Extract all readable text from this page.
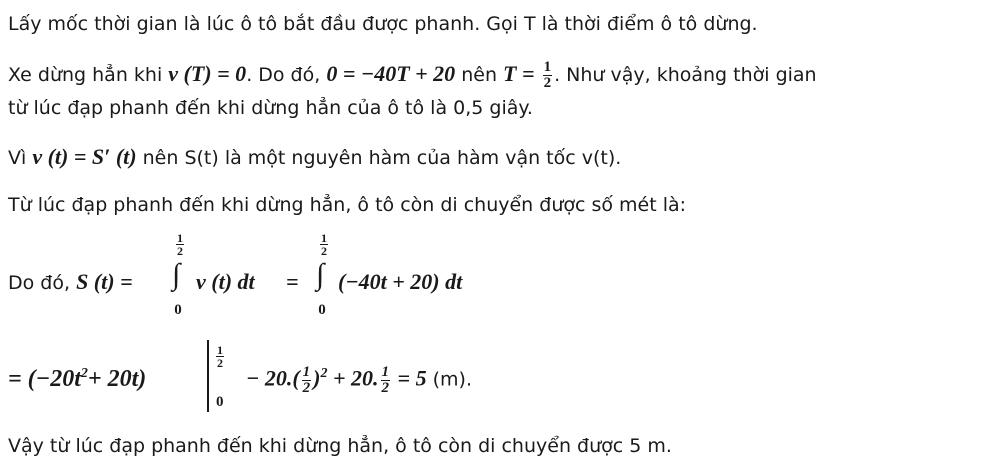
Lấy mốc thời gian là lúc ô tô bắt đầu được phanh. Gọi T là thời điểm ô tô dừng.
Xe dừng hẳn khi v (T) = 0. Do đó, 0 = −40T + 20 nên $T = \frac{1}{2}$ . Như vậy, khoảng thời gian
từ lúc đạp phanh đến khi dừng hẳn của ô tô là 0,5 giây.
Vì v (t) = S′ (t) nên S(t) là một nguyên hàm của hàm vận tốc v(t).
Từ lúc đạp phanh đến khi dừng hẳn, ô tô còn di chuyển được số mét là:
Do đó, S (t) =
$\frac{1}{2}$
∫
0
v (t) dt =
$\frac{1}{2}$
∫
0
(−40t + 20) dt
= $(-20t^2+ 20t)$
$\frac{1}{2}$
0
− $20.( \frac{1}{2} )^2 + 20$. $\frac{1}{2} = 5$ (m).
Vậy từ lúc đạp phanh đến khi dừng hẳn, ô tô còn di chuyển được 5 m.
